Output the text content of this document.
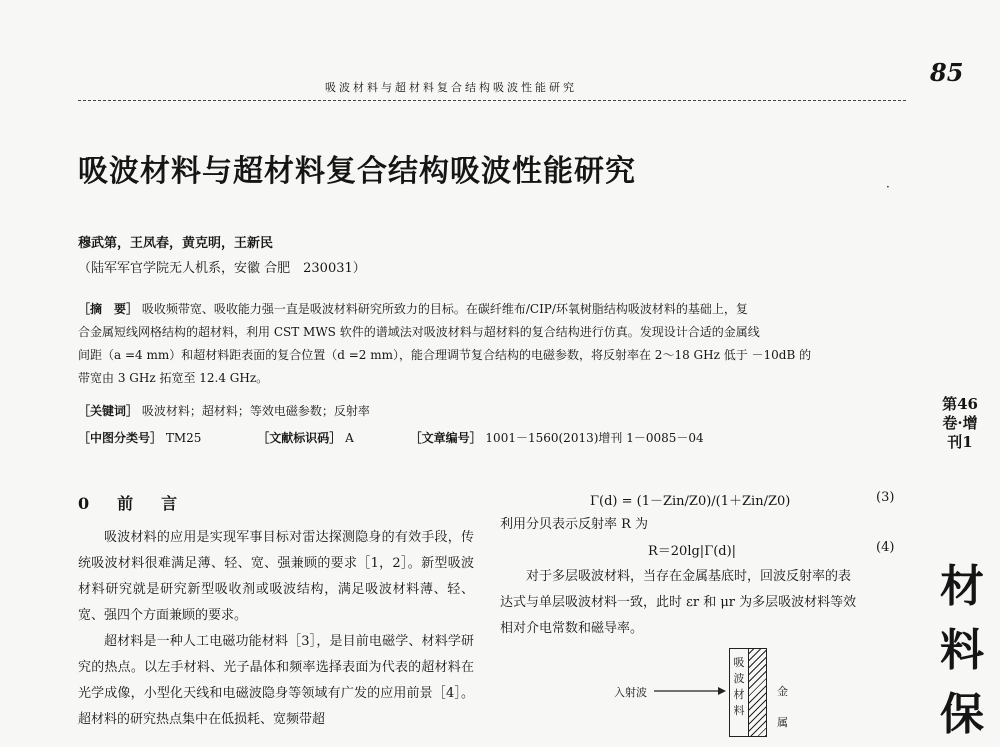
吸波材料与超材料复合结构吸波性能研究
85
吸波材料与超材料复合结构吸波性能研究	·
穆武第，王凤春，黄克明，王新民
（陆军军官学院无人机系，安徽 合肥　230031）
［摘　要］ 吸收频带宽、吸收能力强一直是吸波材料研究所致力的目标。在碳纤维布/CIP/环氧树脂结构吸波材料的基础上，复
合金属短线网格结构的超材料，利用 CST MWS 软件的谱域法对吸波材料与超材料的复合结构进行仿真。发现设计合适的金属线
间距（a =4 mm）和超材料距表面的复合位置（d =2 mm），能合理调节复合结构的电磁参数，将反射率在 2～18 GHz 低于 －10dB 的
带宽由 3 GHz 拓宽至 12.4 GHz。
［关键词］ 吸波材料；超材料；等效电磁参数；反射率
［中图分类号］ TM25	［文献标识码］ A	［文章编号］ 1001－1560(2013)增刊 1－0085－04
0　前　言

吸波材料的应用是实现军事目标对雷达探测隐身的有效手段，传统吸波材料很难满足薄、轻、宽、强兼顾的要求［1，2］。新型吸波材料研究就是研究新型吸收剂或吸波结构，满足吸波材料薄、轻、宽、强四个方面兼顾的要求。

超材料是一种人工电磁功能材料［3］，是目前电磁学、材料学研究的热点。以左手材料、光子晶体和频率选择表面为代表的超材料在光学成像，小型化天线和电磁波隐身等领域有广发的应用前景［4］。超材料的研究热点集中在低损耗、宽频带超

Γ(d) = (1－Zin/Z0)/(1＋Zin/Z0)	(3)
利用分贝表示反射率 R 为
R＝20lg|Γ(d)|	(4)
　　对于多层吸波材料，当存在金属基底时，回波反射率的表
达式与单层吸波材料一致，此时 εr 和 μr 为多层吸波材料等效
相对介电常数和磁导率。
入射波
吸波材料
金
属
第46卷·增刊1
材料保
